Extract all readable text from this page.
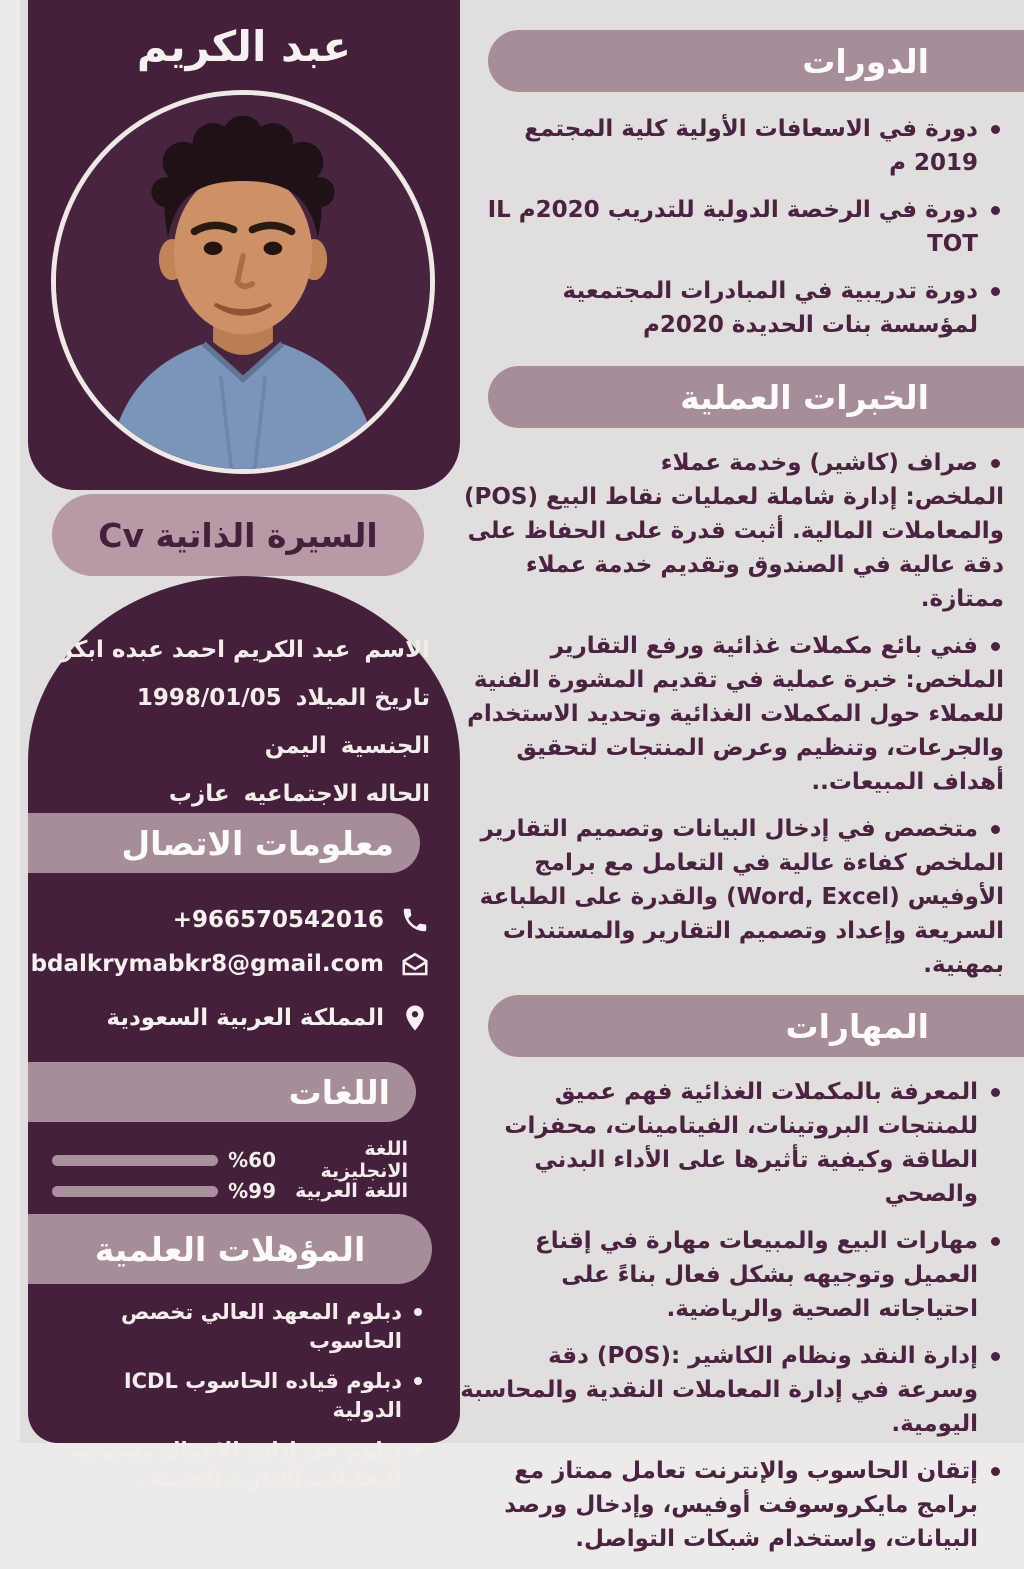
عبد الكريم
السيرة الذاتية Cv
الاسم
عبد الكريم احمد عبده ابكر
تاريخ الميلاد
1998/01/05
الجنسية
اليمن
الحاله الاجتماعيه
عازب
معلومات الاتصال
+966570542016
bdalkrymabkr8@gmail.com
المملكة العربية السعودية
اللغات
اللغة الانجليزية
%60
اللغة العربية
%99
المؤهلات العلمية
دبلوم المعهد العالي تخصص الحاسوب
دبلوم قياده الحاسوب ICDL الدولية
دبلوم في إدارة الاعمال ومنهجية التحليلات الادارية الحديثة .
الدورات
دورة في الاسعافات الأولية كلية المجتمع 2019 م
دورة في الرخصة الدولية للتدريب 2020م IL TOT
دورة تدريبية في المبادرات المجتمعية لمؤسسة بنات الحديدة 2020م
الخبرات العملية
صراف (كاشير) وخدمة عملاء
الملخص: إدارة شاملة لعمليات نقاط البيع (POS) والمعاملات المالية. أثبت قدرة على الحفاظ على دقة عالية في الصندوق وتقديم خدمة عملاء ممتازة.
فني بائع مكملات غذائية ورفع التقارير
الملخص: خبرة عملية في تقديم المشورة الفنية للعملاء حول المكملات الغذائية وتحديد الاستخدام والجرعات، وتنظيم وعرض المنتجات لتحقيق أهداف المبيعات..
متخصص في إدخال البيانات وتصميم التقارير
الملخص كفاءة عالية في التعامل مع برامج الأوفيس (Word, Excel) والقدرة على الطباعة السريعة وإعداد وتصميم التقارير والمستندات بمهنية.
المهارات
المعرفة بالمكملات الغذائية فهم عميق للمنتجات البروتينات، الفيتامينات، محفزات الطاقة وكيفية تأثيرها على الأداء البدني والصحي
مهارات البيع والمبيعات مهارة في إقناع العميل وتوجيهه بشكل فعال بناءً على احتياجاته الصحية والرياضية.
إدارة النقد ونظام الكاشير :(POS) دقة وسرعة في إدارة المعاملات النقدية والمحاسبة اليومية.
إتقان الحاسوب والإنترنت تعامل ممتاز مع برامج مايكروسوفت أوفيس، وإدخال ورصد البيانات، واستخدام شبكات التواصل.
